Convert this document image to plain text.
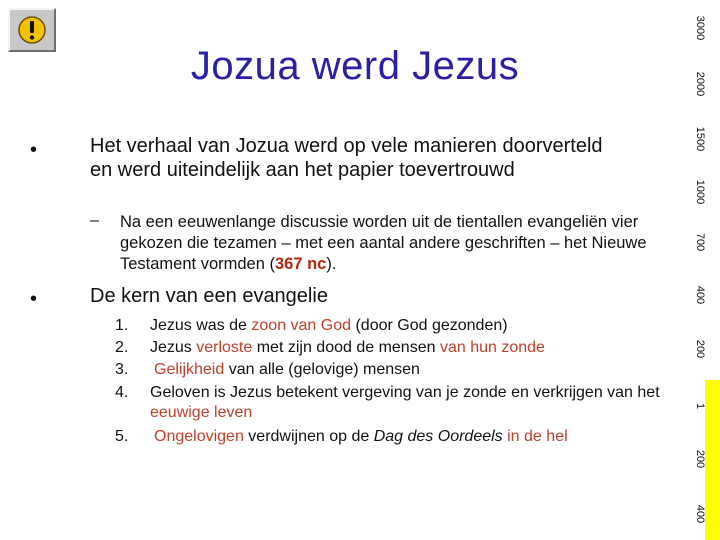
Jozua werd Jezus
•	Het verhaal van Jozua werd op vele manieren doorverteld en werd uiteindelijk aan het papier toevertrouwd
– Na een eeuwenlange discussie worden uit de tientallen evangeliën vier gekozen die tezamen – met een aantal andere geschriften – het Nieuwe Testament vormden (367 nc).
•	De kern van een evangelie
1. Jezus was de zoon van God (door God gezonden)
2. Jezus verloste met zijn dood de mensen van hun zonde
3. Gelijkheid van alle (gelovige) mensen
4. Geloven is Jezus betekent vergeving van je zonde en verkrijgen van het eeuwige leven
5. Ongelovigen verdwijnen op de Dag des Oordeels in de hel
3000
2000
1500
1000
700
400
200
1
200
400
